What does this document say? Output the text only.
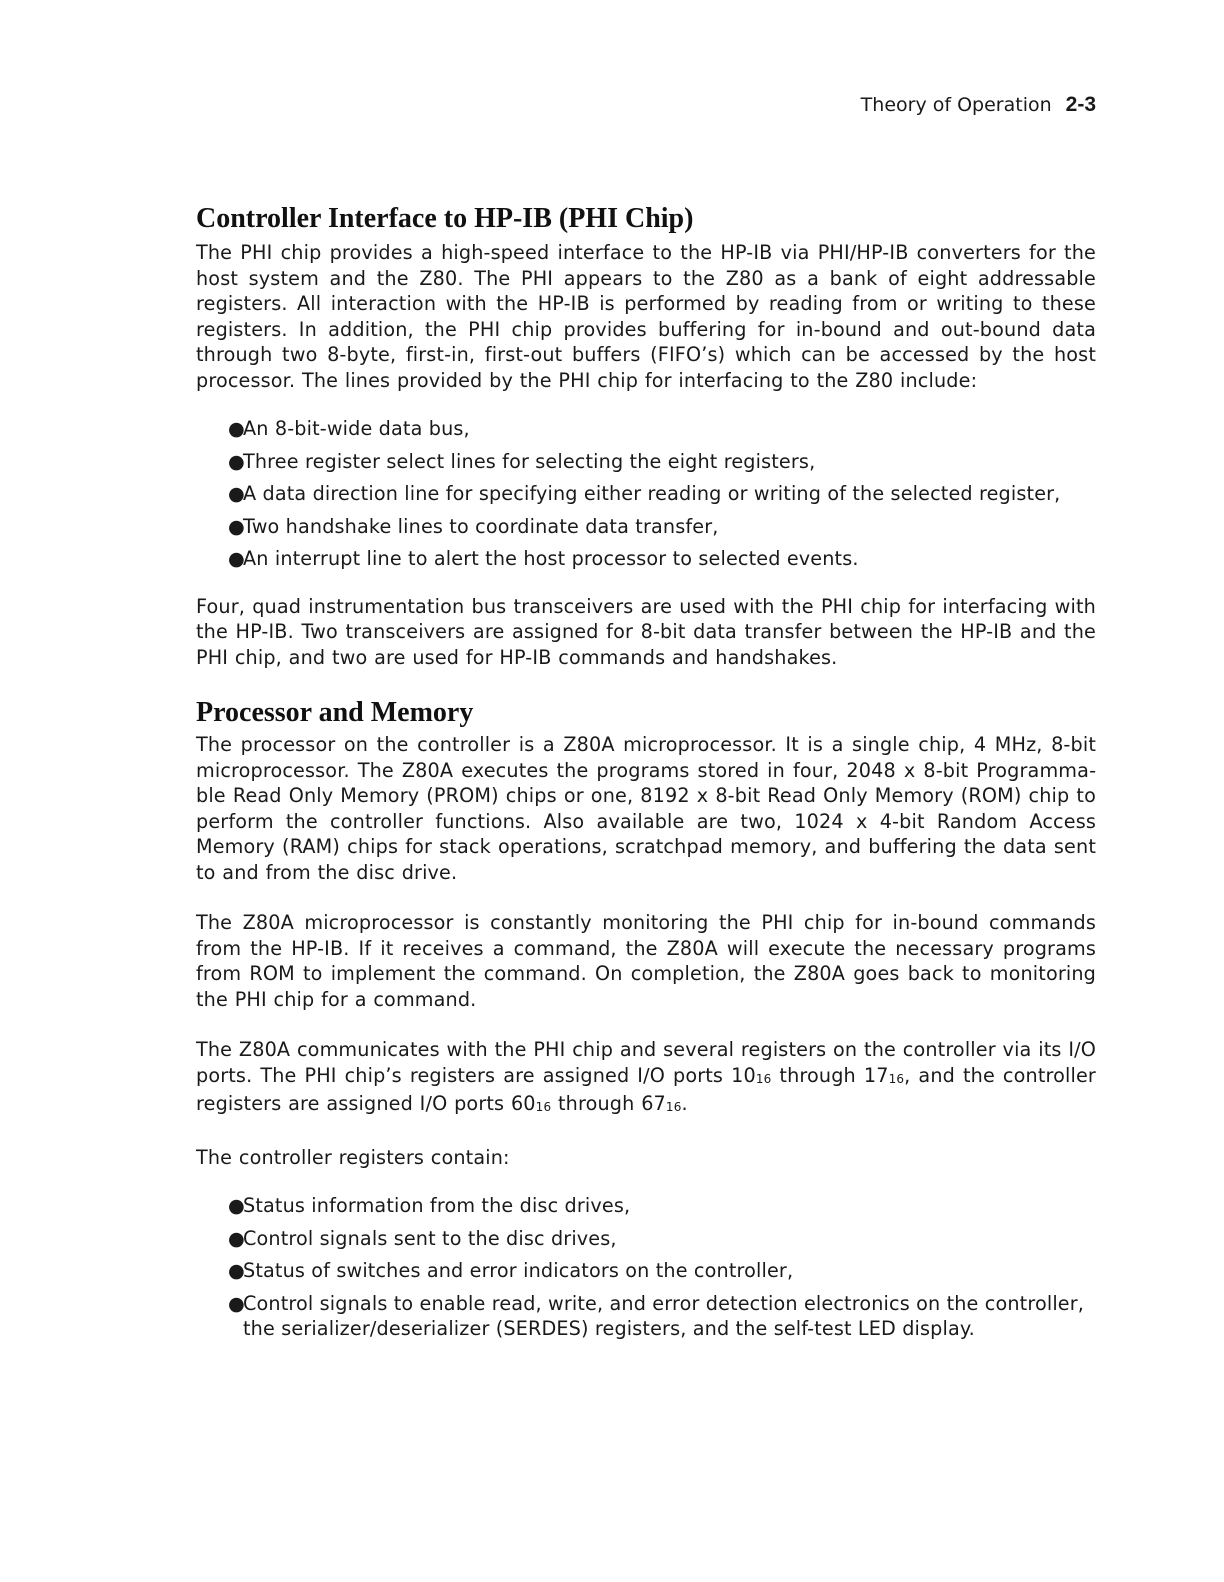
Theory of Operation 2-3
Controller Interface to HP-IB (PHI Chip)

The PHI chip provides a high-speed interface to the HP-IB via PHI∕HP-IB converters for the host system and the Z80. The PHI appears to the Z80 as a bank of eight addressable registers. All interaction with the HP-IB is performed by reading from or writing to these registers. In addition, the PHI chip provides buffering for in-bound and out-bound data through two 8-byte, first-in, first-out buffers (FIFO’s) which can be accessed by the host processor. The lines provided by the PHI chip for interfacing to the Z80 include:

●
An 8-bit-wide data bus,
●
Three register select lines for selecting the eight registers,
●
A data direction line for specifying either reading or writing of the selected register,
●
Two handshake lines to coordinate data transfer,
●
An interrupt line to alert the host processor to selected events.

Four, quad instrumentation bus transceivers are used with the PHI chip for interfacing with the HP-IB. Two transceivers are assigned for 8-bit data transfer between the HP-IB and the PHI chip, and two are used for HP-IB commands and handshakes.

Processor and Memory

The processor on the controller is a Z80A microprocessor. It is a single chip, 4 MHz, 8-bit microprocessor. The Z80A executes the programs stored in four, 2048 x 8-bit Programmable Read Only Memory (PROM) chips or one, 8192 x 8-bit Read Only Memory (ROM) chip to perform the controller functions. Also available are two, 1024 x 4-bit Random Access Memory (RAM) chips for stack operations, scratchpad memory, and buffering the data sent to and from the disc drive.

The Z80A microprocessor is constantly monitoring the PHI chip for in-bound commands from the HP-IB. If it receives a command, the Z80A will execute the necessary programs from ROM to implement the command. On completion, the Z80A goes back to monitoring the PHI chip for a command.

The Z80A communicates with the PHI chip and several registers on the controller via its I∕O ports. The PHI chip’s registers are assigned I∕O ports $10_{16}$ through $17_{16}$, and the controller registers are assigned I∕O ports $60_{16}$ through $67_{16}$.

The controller registers contain:

●
Status information from the disc drives,
●
Control signals sent to the disc drives,
●
Status of switches and error indicators on the controller,
●
Control signals to enable read, write, and error detection electronics on the controller, the serializer∕deserializer (SERDES) registers, and the self-test LED display.
